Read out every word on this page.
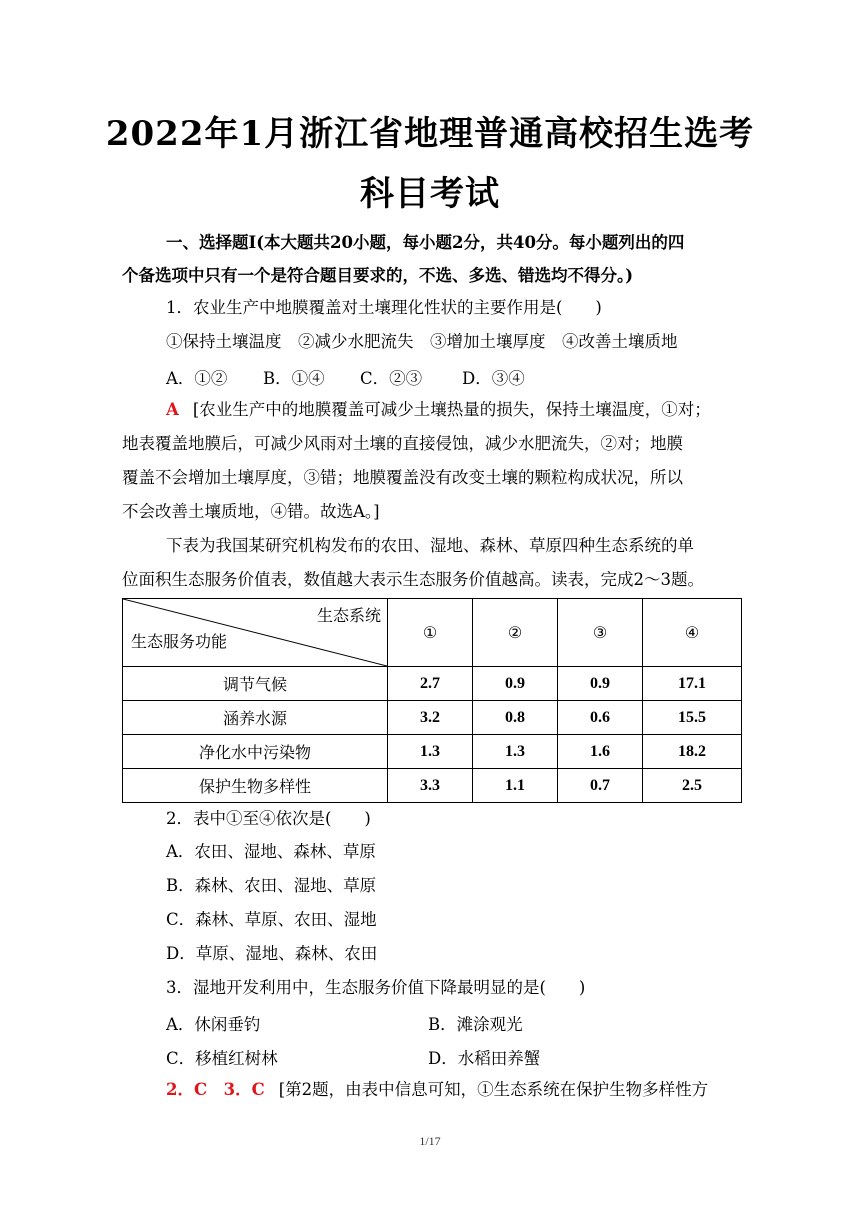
2022年1月浙江省地理普通高校招生选考
科目考试
一、选择题Ⅰ(本大题共20小题，每小题2分，共40分。每小题列出的四
个备选项中只有一个是符合题目要求的，不选、多选、错选均不得分。)
1．农业生产中地膜覆盖对土壤理化性状的主要作用是(　　)
①保持土壤温度　②减少水肥流失　③增加土壤厚度　④改善土壤质地
A．①② B．①④ C．②③ D．③④
A [农业生产中的地膜覆盖可减少土壤热量的损失，保持土壤温度，①对；
地表覆盖地膜后，可减少风雨对土壤的直接侵蚀，减少水肥流失，②对；地膜
覆盖不会增加土壤厚度，③错；地膜覆盖没有改变土壤的颗粒构成状况，所以
不会改善土壤质地，④错。故选A。]
下表为我国某研究机构发布的农田、湿地、森林、草原四种生态系统的单
位面积生态服务价值表，数值越大表示生态服务价值越高。读表，完成2～3题。
生态系统
生态服务功能	①	②	③	④
调节气候	2.7	0.9	0.9	17.1
涵养水源	3.2	0.8	0.6	15.5
净化水中污染物	1.3	1.3	1.6	18.2
保护生物多样性	3.3	1.1	0.7	2.5
2．表中①至④依次是(　　)
A．农田、湿地、森林、草原
B．森林、农田、湿地、草原
C．森林、草原、农田、湿地
D．草原、湿地、森林、农田
3．湿地开发利用中，生态服务价值下降最明显的是(　　)
A．休闲垂钓	B．滩涂观光
C．移植红树林	D．水稻田养蟹
2．C　3．C [第2题，由表中信息可知，①生态系统在保护生物多样性方
1/17
